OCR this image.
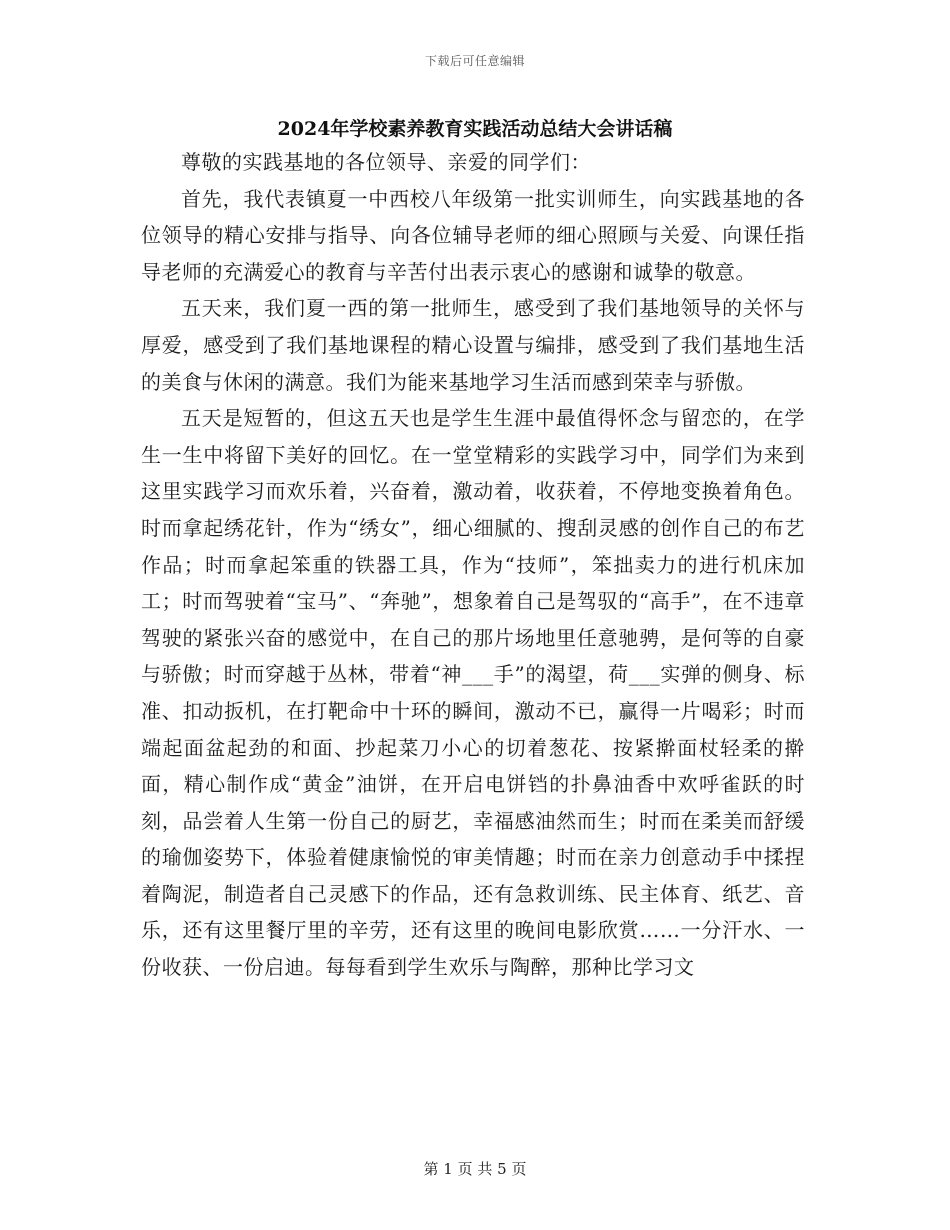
下载后可任意编辑
2024年学校素养教育实践活动总结大会讲话稿

尊敬的实践基地的各位领导、亲爱的同学们：

首先，我代表镇夏一中西校八年级第一批实训师生，向实践基地的各位领导的精心安排与指导、向各位辅导老师的细心照顾与关爱、向课任指导老师的充满爱心的教育与辛苦付出表示衷心的感谢和诚挚的敬意。

五天来，我们夏一西的第一批师生，感受到了我们基地领导的关怀与厚爱，感受到了我们基地课程的精心设置与编排，感受到了我们基地生活的美食与休闲的满意。我们为能来基地学习生活而感到荣幸与骄傲。

五天是短暂的，但这五天也是学生生涯中最值得怀念与留恋的，在学生一生中将留下美好的回忆。在一堂堂精彩的实践学习中，同学们为来到这里实践学习而欢乐着，兴奋着，激动着，收获着，不停地变换着角色。时而拿起绣花针，作为“绣女”，细心细腻的、搜刮灵感的创作自己的布艺作品；时而拿起笨重的铁器工具，作为“技师”，笨拙卖力的进行机床加工；时而驾驶着“宝马”、“奔驰”，想象着自己是驾驭的“高手”，在不违章驾驶的紧张兴奋的感觉中，在自己的那片场地里任意驰骋，是何等的自豪与骄傲；时而穿越于丛林，带着“神___手”的渴望，荷___实弹的侧身、标准、扣动扳机，在打靶命中十环的瞬间，激动不已，赢得一片喝彩；时而端起面盆起劲的和面、抄起菜刀小心的切着葱花、按紧擀面杖轻柔的擀面，精心制作成“黄金”油饼，在开启电饼铛的扑鼻油香中欢呼雀跃的时刻，品尝着人生第一份自己的厨艺，幸福感油然而生；时而在柔美而舒缓的瑜伽姿势下，体验着健康愉悦的审美情趣；时而在亲力创意动手中揉捏着陶泥，制造者自己灵感下的作品，还有急救训练、民主体育、纸艺、音乐，还有这里餐厅里的辛劳，还有这里的晚间电影欣赏……一分汗水、一份收获、一份启迪。每每看到学生欢乐与陶醉，那种比学习文

第 1 页 共 5 页
